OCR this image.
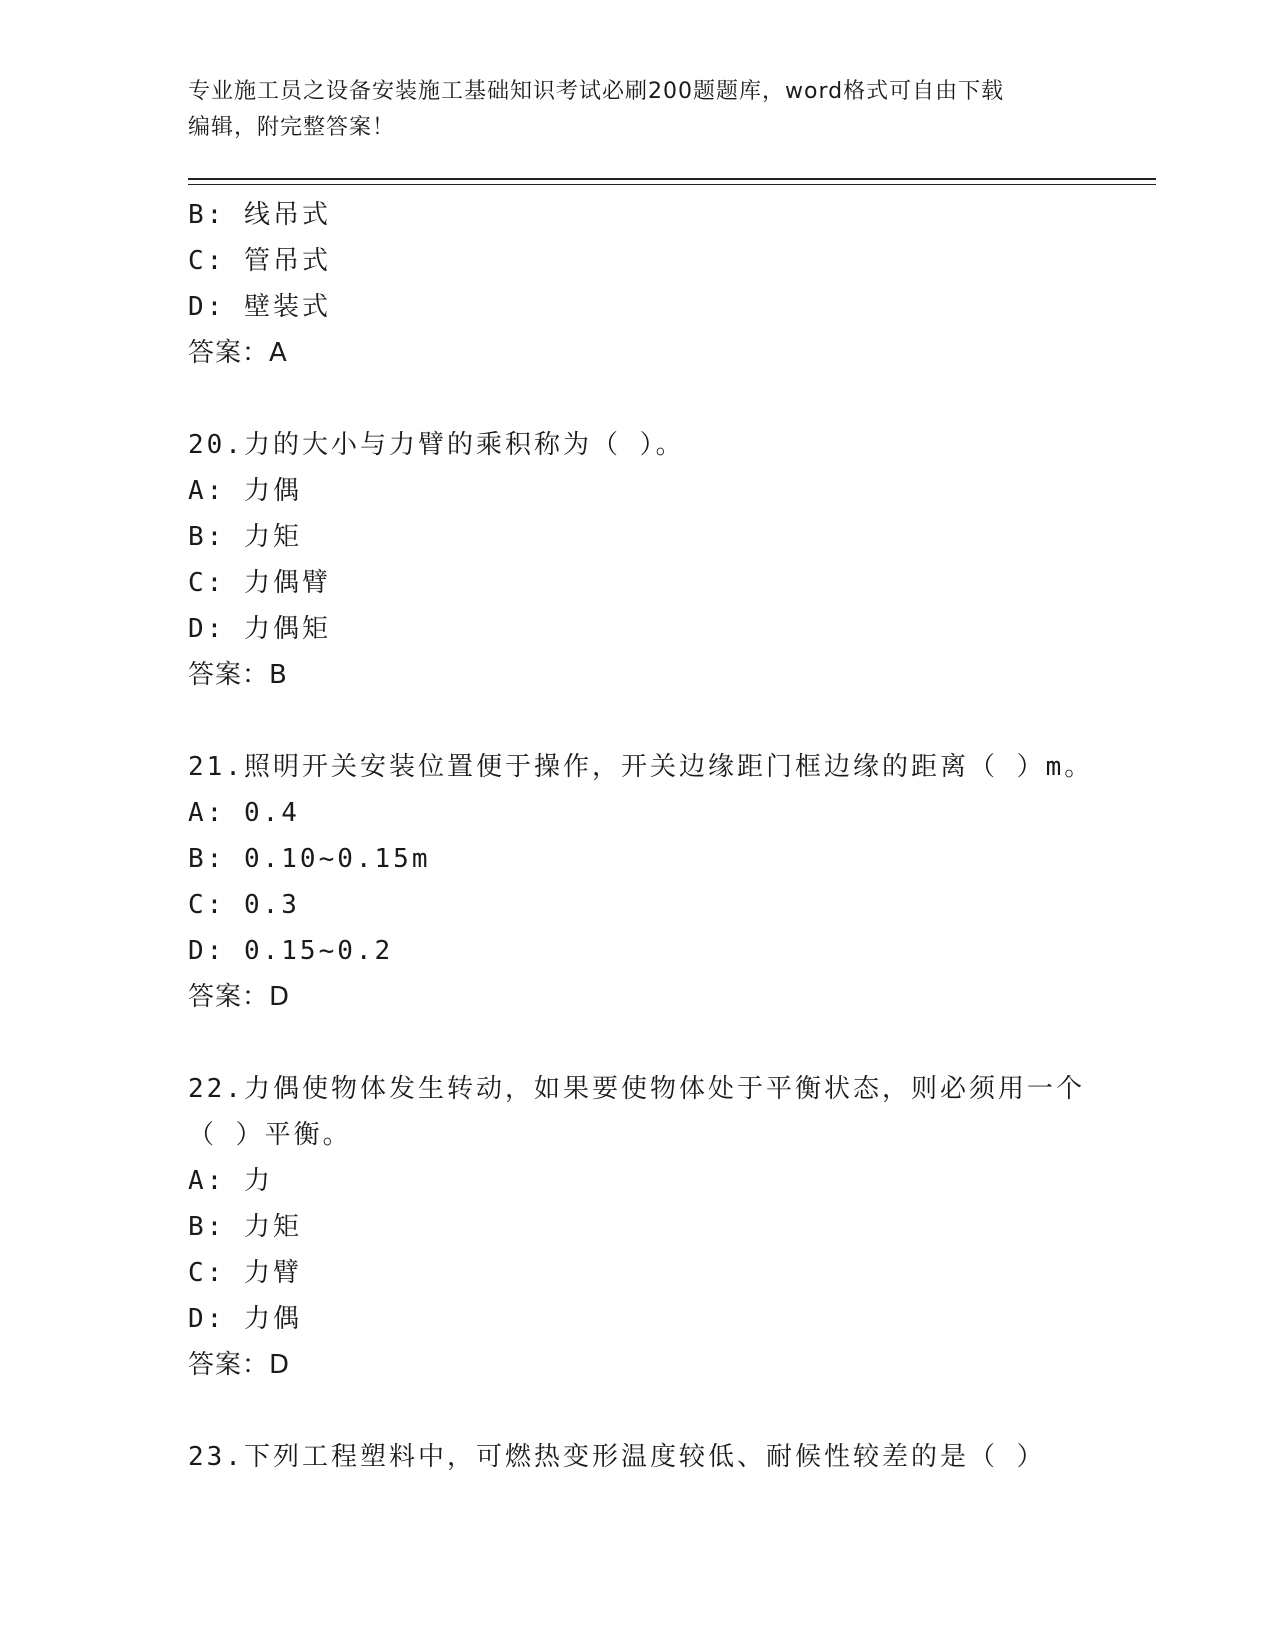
专业施工员之设备安装施工基础知识考试必刷200题题库，word格式可自由下载
编辑，附完整答案！
B: 线吊式
C: 管吊式
D: 壁装式
答案：A
20.力的大小与力臂的乘积称为（ ）。
A: 力偶
B: 力矩
C: 力偶臂
D: 力偶矩
答案：B
21.照明开关安装位置便于操作，开关边缘距门框边缘的距离（ ）m。
A: 0.4
B: 0.10~0.15m
C: 0.3
D: 0.15~0.2
答案：D
22.力偶使物体发生转动，如果要使物体处于平衡状态，则必须用一个
（ ）平衡。
A: 力
B: 力矩
C: 力臂
D: 力偶
答案：D
23.下列工程塑料中，可燃热变形温度较低、耐候性较差的是（ ）
